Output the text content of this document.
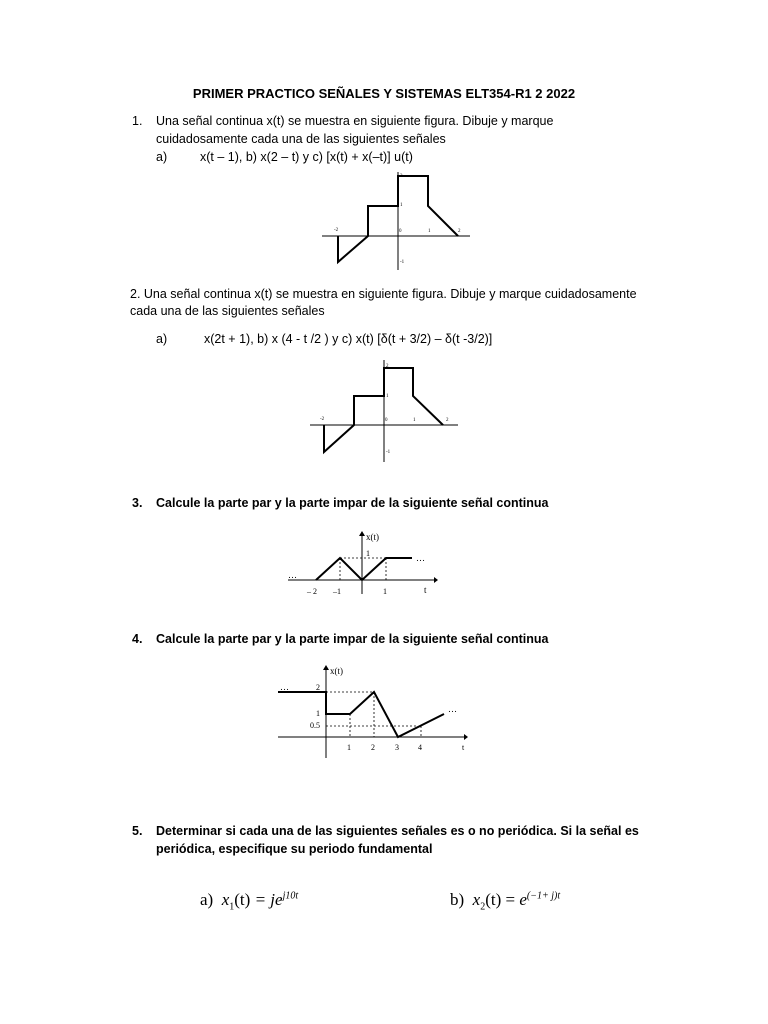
PRIMER PRACTICO SEÑALES Y SISTEMAS ELT354-R1 2 2022
1. Una señal continua x(t) se muestra en siguiente figura. Dibuje y marque
cuidadosamente cada una de las siguientes señales
a)	x(t – 1), b) x(2 – t) y c) [x(t) + x(–t)] u(t)
-2
2
1
0	1	2
-1
2. Una señal continua x(t) se muestra en siguiente figura. Dibuje y marque cuidadosamente
cada una de las siguientes señales
a)	x(2t + 1), b) x (4 - t /2 ) y c) x(t) [δ(t + 3/2) – δ(t -3/2)]
-2
2
1
0	1	2
-1
3. Calcule la parte par y la parte impar de la siguiente señal continua
x(t)
t
1
– 2 –1	1
…
…
4. Calcule la parte par y la parte impar de la siguiente señal continua
x(t)
t
2
1
0.5
1	2	3 4
…
…
5. Determinar si cada una de las siguientes señales es o no periódica. Si la señal es
periódica, especifique su periodo fundamental
a) $x_1(t) = je^{j10t}$	b) $x_2(t) = e^{(-1+ j)t}$
